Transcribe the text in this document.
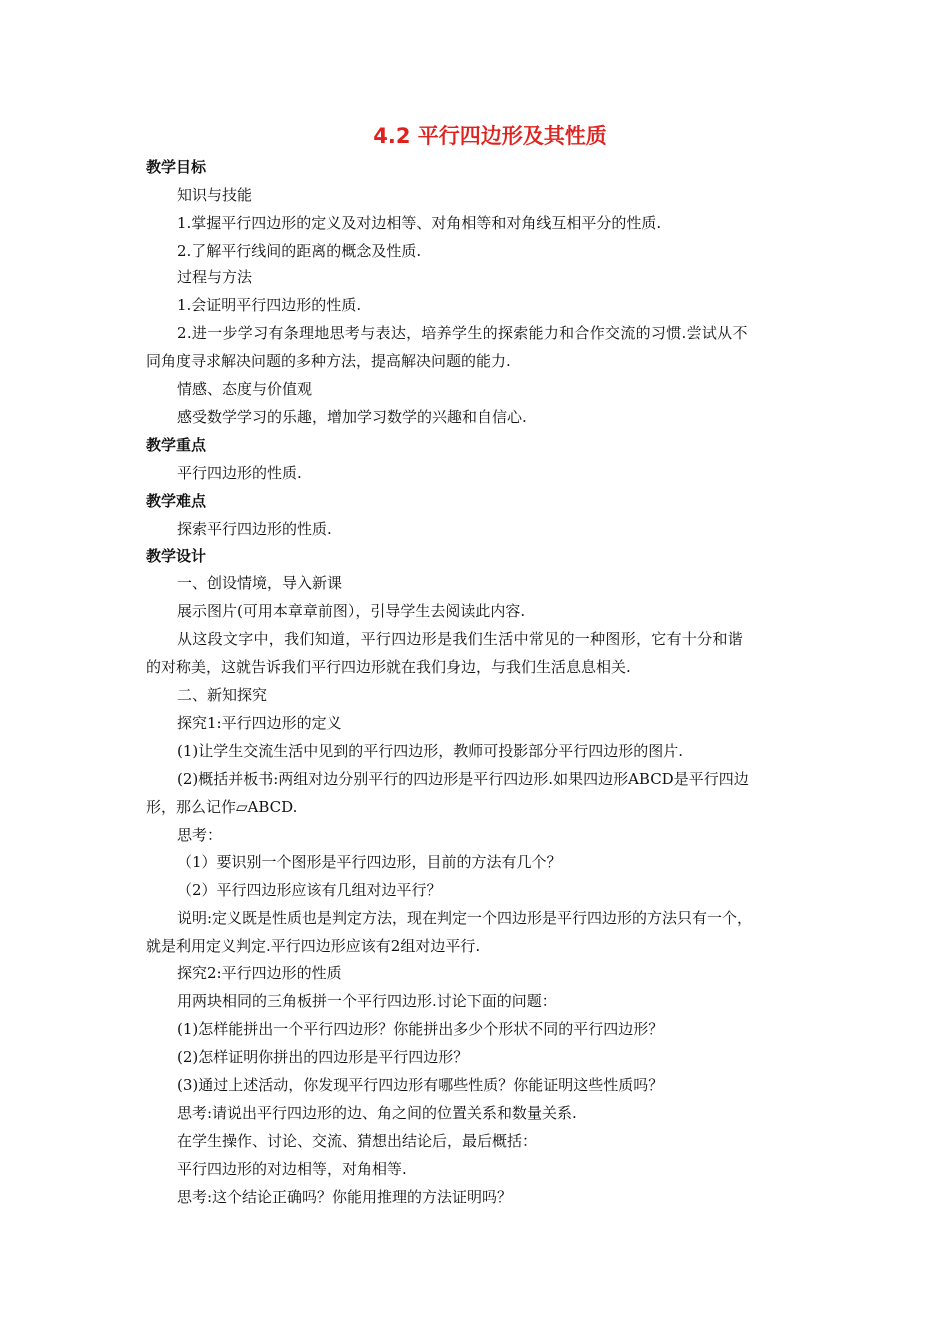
4.2 平行四边形及其性质
教学目标
知识与技能
1.掌握平行四边形的定义及对边相等、对角相等和对角线互相平分的性质.
2.了解平行线间的距离的概念及性质.
过程与方法
1.会证明平行四边形的性质.
2.进一步学习有条理地思考与表达，培养学生的探索能力和合作交流的习惯.尝试从不
同角度寻求解决问题的多种方法，提高解决问题的能力.
情感、态度与价值观
感受数学学习的乐趣，增加学习数学的兴趣和自信心.
教学重点
平行四边形的性质.
教学难点
探索平行四边形的性质.
教学设计
一、创设情境，导入新课
展示图片(可用本章章前图），引导学生去阅读此内容.
从这段文字中，我们知道，平行四边形是我们生活中常见的一种图形，它有十分和谐
的对称美，这就告诉我们平行四边形就在我们身边，与我们生活息息相关.
二、新知探究
探究1:平行四边形的定义
(1)让学生交流生活中见到的平行四边形，教师可投影部分平行四边形的图片.
(2)概括并板书:两组对边分别平行的四边形是平行四边形.如果四边形ABCD是平行四边
形，那么记作▱ABCD.
思考：
（1）要识别一个图形是平行四边形，目前的方法有几个？
（2）平行四边形应该有几组对边平行？
说明:定义既是性质也是判定方法，现在判定一个四边形是平行四边形的方法只有一个，
就是利用定义判定.平行四边形应该有2组对边平行.
探究2:平行四边形的性质
用两块相同的三角板拼一个平行四边形.讨论下面的问题：
(1)怎样能拼出一个平行四边形？你能拼出多少个形状不同的平行四边形？
(2)怎样证明你拼出的四边形是平行四边形？
(3)通过上述活动，你发现平行四边形有哪些性质？你能证明这些性质吗？
思考:请说出平行四边形的边、角之间的位置关系和数量关系.
在学生操作、讨论、交流、猜想出结论后，最后概括：
平行四边形的对边相等，对角相等.
思考:这个结论正确吗？你能用推理的方法证明吗？
